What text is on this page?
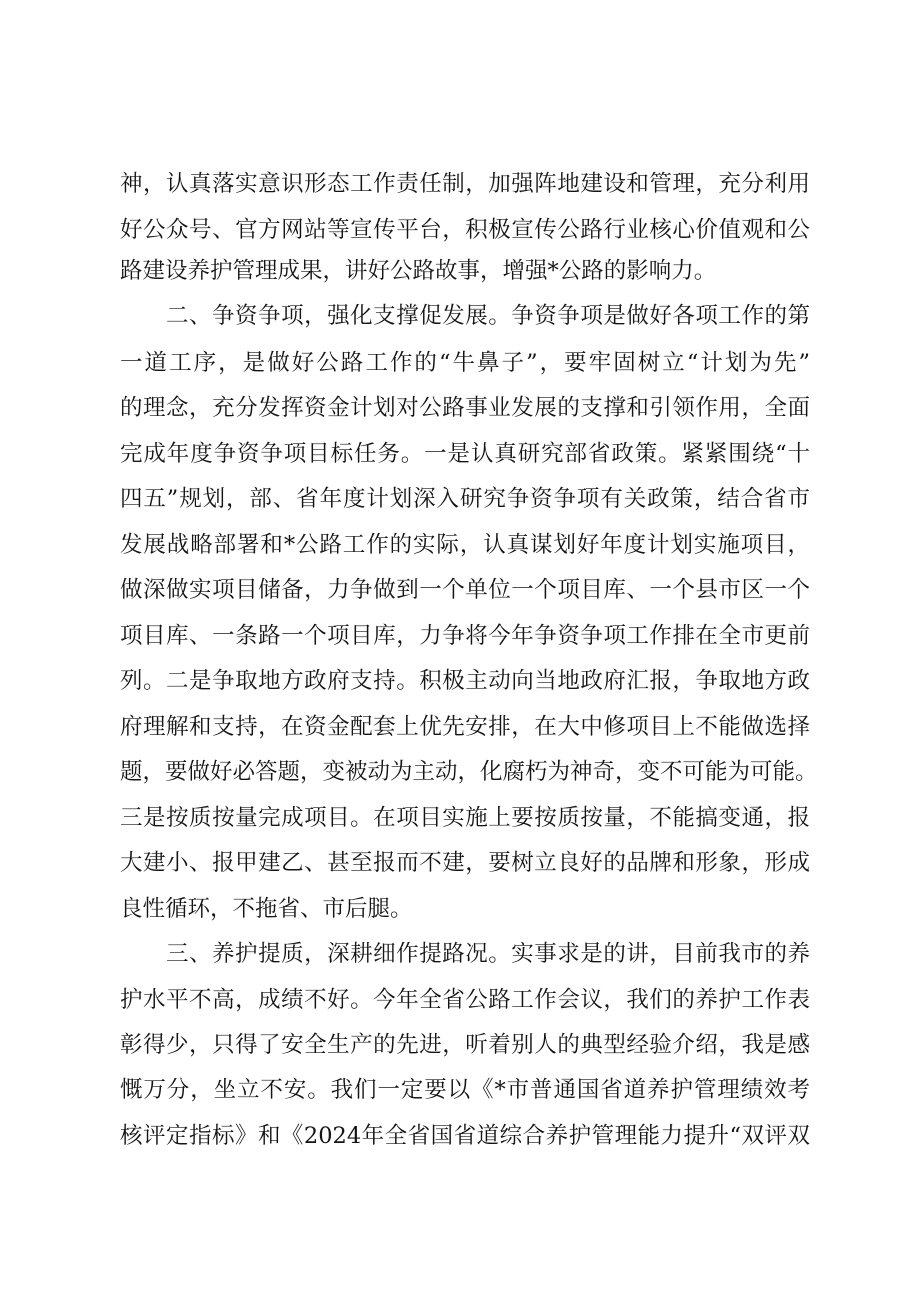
神，认真落实意识形态工作责任制，加强阵地建设和管理，充分利用
好公众号、官方网站等宣传平台，积极宣传公路行业核心价值观和公
路建设养护管理成果，讲好公路故事，增强*公路的影响力。
二、争资争项，强化支撑促发展。争资争项是做好各项工作的第
一道工序，是做好公路工作的“牛鼻子”，要牢固树立“计划为先”
的理念，充分发挥资金计划对公路事业发展的支撑和引领作用，全面
完成年度争资争项目标任务。一是认真研究部省政策。紧紧围绕“十
四五”规划，部、省年度计划深入研究争资争项有关政策，结合省市
发展战略部署和*公路工作的实际，认真谋划好年度计划实施项目，
做深做实项目储备，力争做到一个单位一个项目库、一个县市区一个
项目库、一条路一个项目库，力争将今年争资争项工作排在全市更前
列。二是争取地方政府支持。积极主动向当地政府汇报，争取地方政
府理解和支持，在资金配套上优先安排，在大中修项目上不能做选择
题，要做好必答题，变被动为主动，化腐朽为神奇，变不可能为可能。
三是按质按量完成项目。在项目实施上要按质按量，不能搞变通，报
大建小、报甲建乙、甚至报而不建，要树立良好的品牌和形象，形成
良性循环，不拖省、市后腿。
三、养护提质，深耕细作提路况。实事求是的讲，目前我市的养
护水平不高，成绩不好。今年全省公路工作会议，我们的养护工作表
彰得少，只得了安全生产的先进，听着别人的典型经验介绍，我是感
慨万分，坐立不安。我们一定要以《*市普通国省道养护管理绩效考
核评定指标》和《2024年全省国省道综合养护管理能力提升“双评双
